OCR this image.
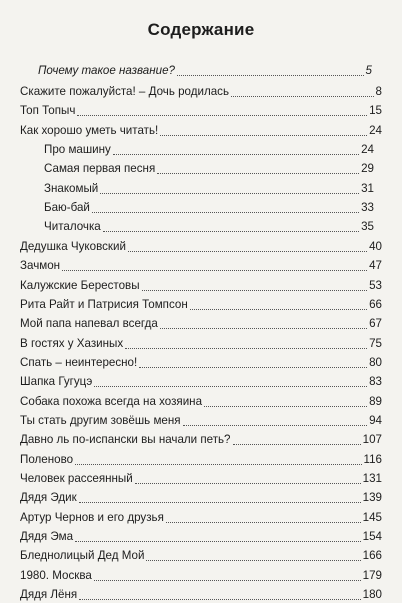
Содержание
Почему такое название?	5
Скажите пожалуйста! – Дочь родилась	8
Топ Топыч	15
Как хорошо уметь читать!	24
Про машину	24
Самая первая песня	29
Знакомый	31
Баю-бай	33
Читалочка	35
Дедушка Чуковский	40
Зачмон	47
Калужские Берестовы	53
Рита Райт и Патрисия Томпсон	66
Мой папа напевал всегда	67
В гостях у Хазиных	75
Спать – неинтересно!	80
Шапка Гугуцэ	83
Собака похожа всегда на хозяина	89
Ты стать другим зовёшь меня	94
Давно ль по-испански вы начали петь?	107
Поленово	116
Человек рассеянный	131
Дядя Эдик	139
Артур Чернов и его друзья	145
Дядя Эма	154
Бледнолицый Дед Мой	166
1980. Москва	179
Дядя Лёня	180
